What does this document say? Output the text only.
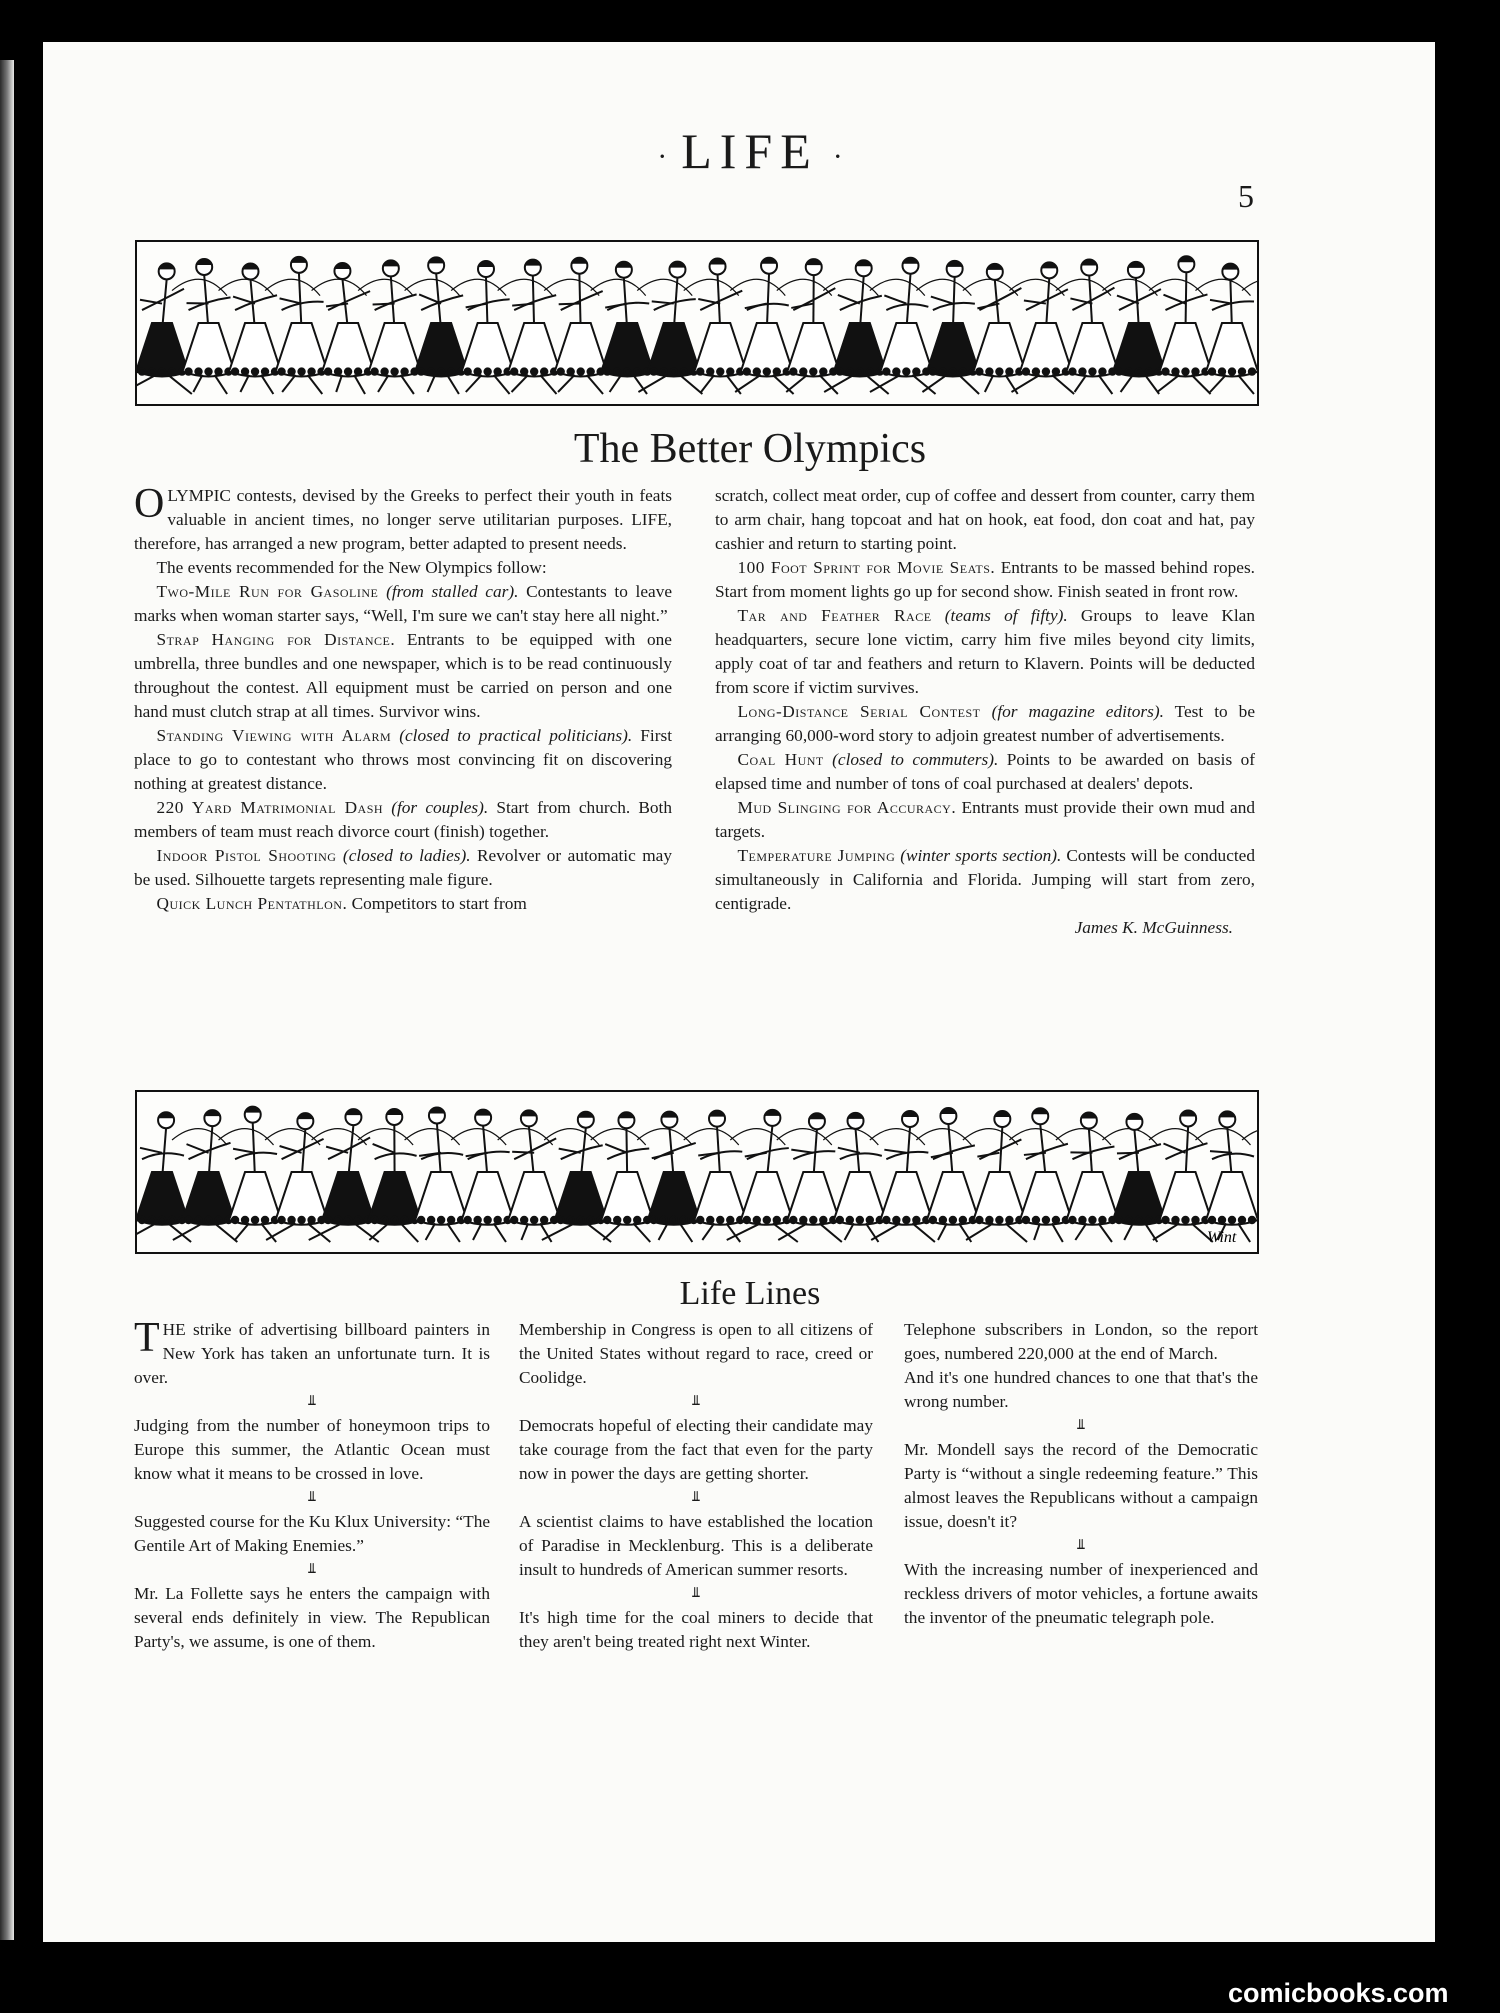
· LIFE ·
5
The Better Olympics

OLYMPIC contests, devised by the Greeks to perfect their youth in feats valuable in ancient times, no longer serve utilitarian purposes. LIFE, therefore, has arranged a new program, better adapted to present needs.

The events recommended for the New Olympics follow:

Two-Mile Run for Gasoline (from stalled car). Contestants to leave marks when woman starter says, “Well, I'm sure we can't stay here all night.”

Strap Hanging for Distance. Entrants to be equipped with one umbrella, three bundles and one newspaper, which is to be read continuously throughout the contest. All equipment must be carried on person and one hand must clutch strap at all times. Survivor wins.

Standing Viewing with Alarm (closed to practical politicians). First place to go to contestant who throws most convincing fit on discovering nothing at greatest distance.

220 Yard Matrimonial Dash (for couples). Start from church. Both members of team must reach divorce court (finish) together.

Indoor Pistol Shooting (closed to ladies). Revolver or automatic may be used. Silhouette targets representing male figure.

Quick Lunch Pentathlon. Competitors to start from

scratch, collect meat order, cup of coffee and dessert from counter, carry them to arm chair, hang topcoat and hat on hook, eat food, don coat and hat, pay cashier and return to starting point.

100 Foot Sprint for Movie Seats. Entrants to be massed behind ropes. Start from moment lights go up for second show. Finish seated in front row.

Tar and Feather Race (teams of fifty). Groups to leave Klan headquarters, secure lone victim, carry him five miles beyond city limits, apply coat of tar and feathers and return to Klavern. Points will be deducted from score if victim survives.

Long-Distance Serial Contest (for magazine editors). Test to be arranging 60,000-word story to adjoin greatest number of advertisements.

Coal Hunt (closed to commuters). Points to be awarded on basis of elapsed time and number of tons of coal purchased at dealers' depots.

Mud Slinging for Accuracy. Entrants must provide their own mud and targets.

Temperature Jumping (winter sports section). Contests will be conducted simultaneously in California and Florida. Jumping will start from zero, centigrade.

James K. McGuinness.

Wint
Life Lines

THE strike of advertising billboard painters in New York has taken an unfortunate turn. It is over.

⫫

Judging from the number of honeymoon trips to Europe this summer, the Atlantic Ocean must know what it means to be crossed in love.

⫫

Suggested course for the Ku Klux University: “The Gentile Art of Making Enemies.”

⫫

Mr. La Follette says he enters the campaign with several ends definitely in view. The Republican Party's, we assume, is one of them.

Membership in Congress is open to all citizens of the United States without regard to race, creed or Coolidge.

⫫

Democrats hopeful of electing their candidate may take courage from the fact that even for the party now in power the days are getting shorter.

⫫

A scientist claims to have established the location of Paradise in Mecklenburg. This is a deliberate insult to hundreds of American summer resorts.

⫫

It's high time for the coal miners to decide that they aren't being treated right next Winter.

Telephone subscribers in London, so the report goes, numbered 220,000 at the end of March.

And it's one hundred chances to one that that's the wrong number.

⫫

Mr. Mondell says the record of the Democratic Party is “without a single redeeming feature.” This almost leaves the Republicans without a campaign issue, doesn't it?

⫫

With the increasing number of inexperienced and reckless drivers of motor vehicles, a fortune awaits the inventor of the pneumatic telegraph pole.

comicbooks.com
